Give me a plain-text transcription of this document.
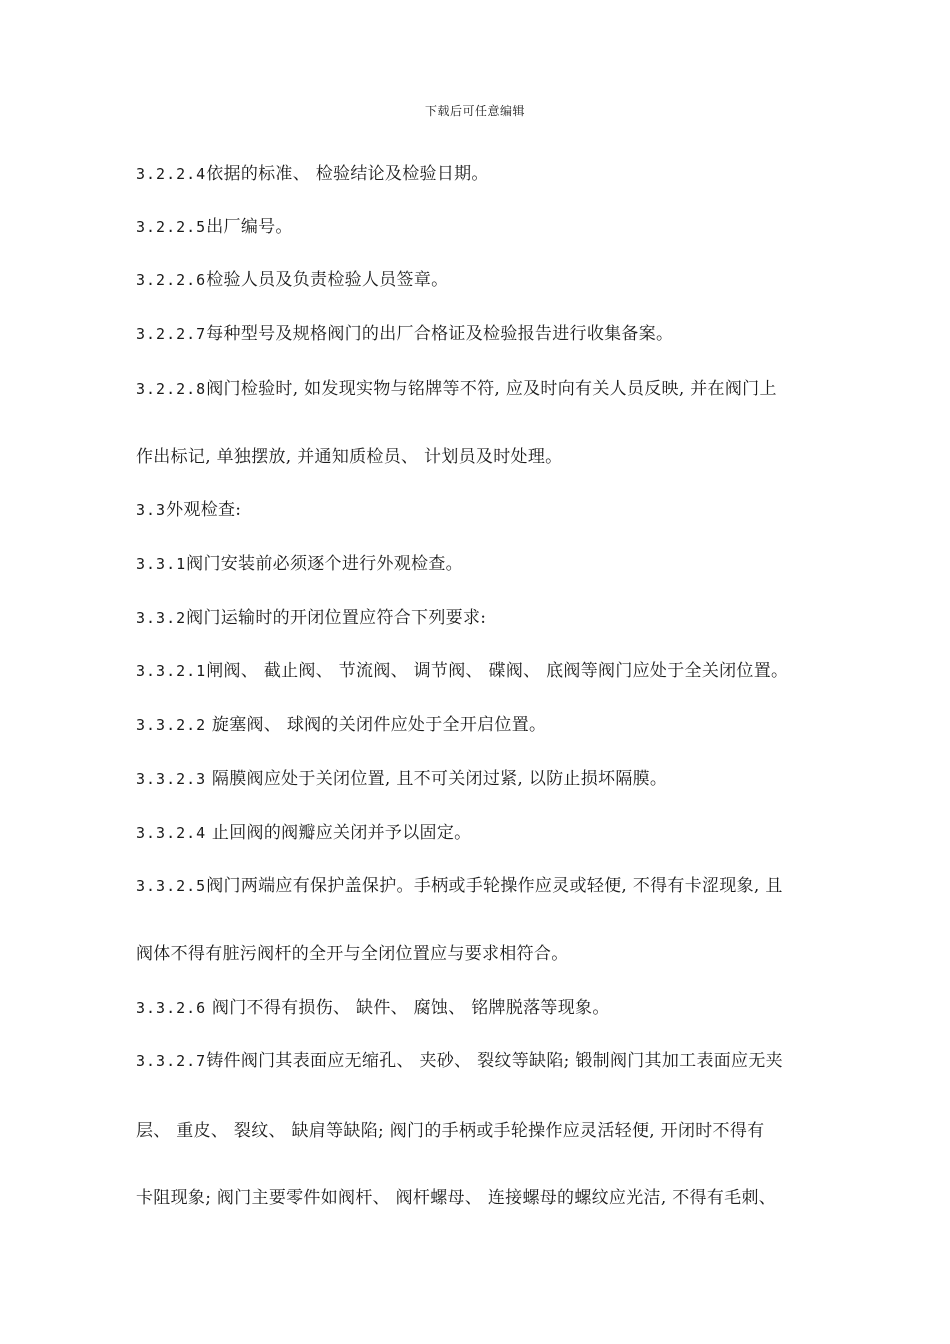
下载后可任意编辑
3.2.2.4依据的标准、 检验结论及检验日期。
3.2.2.5出厂编号。
3.2.2.6检验人员及负责检验人员签章。
3.2.2.7每种型号及规格阀门的出厂合格证及检验报告进行收集备案。
3.2.2.8阀门检验时, 如发现实物与铭牌等不符, 应及时向有关人员反映, 并在阀门上
作出标记, 单独摆放, 并通知质检员、 计划员及时处理。
3.3外观检查:
3.3.1阀门安装前必须逐个进行外观检查。
3.3.2阀门运输时的开闭位置应符合下列要求:
3.3.2.1闸阀、 截止阀、 节流阀、 调节阀、 碟阀、 底阀等阀门应处于全关闭位置。
3.3.2.2 旋塞阀、 球阀的关闭件应处于全开启位置。
3.3.2.3 隔膜阀应处于关闭位置, 且不可关闭过紧, 以防止损坏隔膜。
3.3.2.4 止回阀的阀瓣应关闭并予以固定。
3.3.2.5阀门两端应有保护盖保护。手柄或手轮操作应灵或轻便, 不得有卡涩现象, 且
阀体不得有脏污阀杆的全开与全闭位置应与要求相符合。
3.3.2.6 阀门不得有损伤、 缺件、 腐蚀、 铭牌脱落等现象。
3.3.2.7铸件阀门其表面应无缩孔、 夹砂、 裂纹等缺陷; 锻制阀门其加工表面应无夹
层、 重皮、 裂纹、 缺肩等缺陷; 阀门的手柄或手轮操作应灵活轻便, 开闭时不得有
卡阻现象; 阀门主要零件如阀杆、 阀杆螺母、 连接螺母的螺纹应光洁, 不得有毛刺、
